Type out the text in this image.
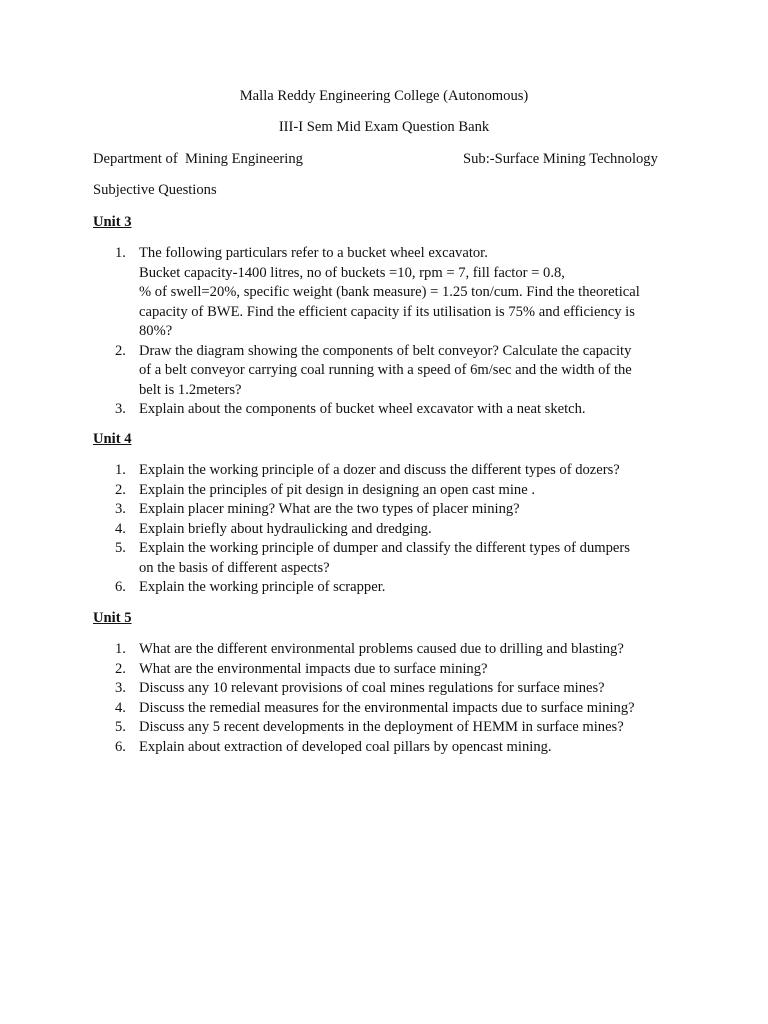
Malla Reddy Engineering College (Autonomous)
III-I Sem Mid Exam Question Bank
Department of  Mining Engineering	Sub:-Surface Mining Technology
Subjective Questions
Unit 3
1. The following particulars refer to a bucket wheel excavator.
Bucket capacity-1400 litres, no of buckets =10, rpm = 7, fill factor = 0.8,
% of swell=20%, specific weight (bank measure) = 1.25 ton/cum. Find the theoretical
capacity of BWE. Find the efficient capacity if its utilisation is 75% and efficiency is
80%?
2. Draw the diagram showing the components of belt conveyor? Calculate the capacity
of a belt conveyor carrying coal running with a speed of 6m/sec and the width of the
belt is 1.2meters?
3. Explain about the components of bucket wheel excavator with a neat sketch.
Unit 4
1. Explain the working principle of a dozer and discuss the different types of dozers?
2. Explain the principles of pit design in designing an open cast mine .
3. Explain placer mining? What are the two types of placer mining?
4. Explain briefly about hydraulicking and dredging.
5. Explain the working principle of dumper and classify the different types of dumpers
on the basis of different aspects?
6. Explain the working principle of scrapper.
Unit 5
1. What are the different environmental problems caused due to drilling and blasting?
2. What are the environmental impacts due to surface mining?
3. Discuss any 10 relevant provisions of coal mines regulations for surface mines?
4. Discuss the remedial measures for the environmental impacts due to surface mining?
5. Discuss any 5 recent developments in the deployment of HEMM in surface mines?
6. Explain about extraction of developed coal pillars by opencast mining.
